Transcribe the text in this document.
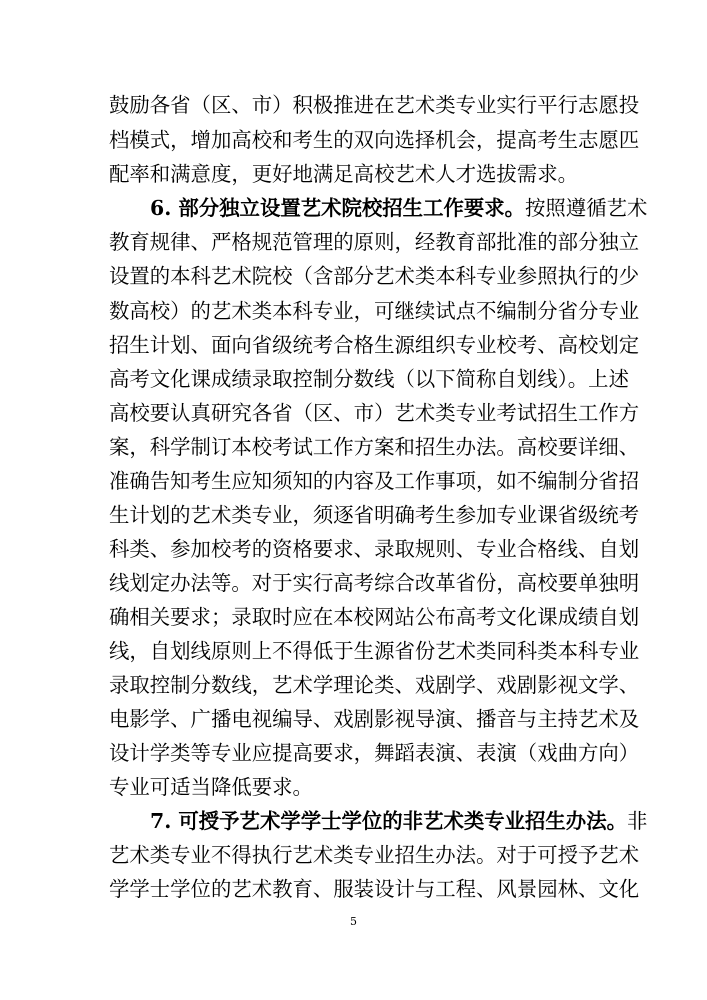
鼓励各省（区、市）积极推进在艺术类专业实行平行志愿投
档模式，增加高校和考生的双向选择机会，提高考生志愿匹
配率和满意度，更好地满足高校艺术人才选拔需求。
6. 部分独立设置艺术院校招生工作要求。按照遵循艺术
教育规律、严格规范管理的原则，经教育部批准的部分独立
设置的本科艺术院校（含部分艺术类本科专业参照执行的少
数高校）的艺术类本科专业，可继续试点不编制分省分专业
招生计划、面向省级统考合格生源组织专业校考、高校划定
高考文化课成绩录取控制分数线（以下简称自划线）。上述
高校要认真研究各省（区、市）艺术类专业考试招生工作方
案，科学制订本校考试工作方案和招生办法。高校要详细、
准确告知考生应知须知的内容及工作事项，如不编制分省招
生计划的艺术类专业，须逐省明确考生参加专业课省级统考
科类、参加校考的资格要求、录取规则、专业合格线、自划
线划定办法等。对于实行高考综合改革省份，高校要单独明
确相关要求；录取时应在本校网站公布高考文化课成绩自划
线，自划线原则上不得低于生源省份艺术类同科类本科专业
录取控制分数线，艺术学理论类、戏剧学、戏剧影视文学、
电影学、广播电视编导、戏剧影视导演、播音与主持艺术及
设计学类等专业应提高要求，舞蹈表演、表演（戏曲方向）
专业可适当降低要求。
7. 可授予艺术学学士学位的非艺术类专业招生办法。非
艺术类专业不得执行艺术类专业招生办法。对于可授予艺术
学学士学位的艺术教育、服装设计与工程、风景园林、文化
5
